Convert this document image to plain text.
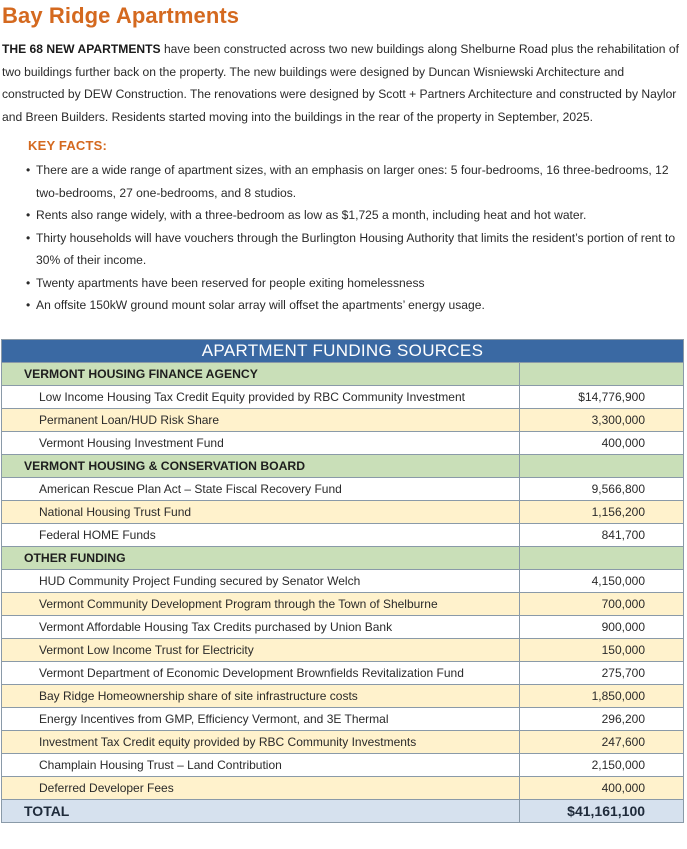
Bay Ridge Apartments
THE 68 NEW APARTMENTS have been constructed across two new buildings along Shelburne Road plus the rehabilitation of two buildings further back on the property. The new buildings were designed by Duncan Wisniewski Architecture and constructed by DEW Construction. The renovations were designed by Scott + Partners Architecture and constructed by Naylor and Breen Builders. Residents started moving into the buildings in the rear of the property in September, 2025.
KEY FACTS:
• There are a wide range of apartment sizes, with an emphasis on larger ones: 5 four-bedrooms, 16 three-bedrooms, 12 two-bedrooms, 27 one-bedrooms, and 8 studios.
• Rents also range widely, with a three-bedroom as low as $1,725 a month, including heat and hot water.
• Thirty households will have vouchers through the Burlington Housing Authority that limits the resident’s portion of rent to 30% of their income.
• Twenty apartments have been reserved for people exiting homelessness
• An offsite 150kW ground mount solar array will offset the apartments’ energy usage.
APARTMENT FUNDING SOURCES	
VERMONT HOUSING FINANCE AGENCY	
Low Income Housing Tax Credit Equity provided by RBC Community Investment	$14,776,900
Permanent Loan/HUD Risk Share	3,300,000
Vermont Housing Investment Fund	400,000
VERMONT HOUSING & CONSERVATION BOARD	
American Rescue Plan Act – State Fiscal Recovery Fund	9,566,800
National Housing Trust Fund	1,156,200
Federal HOME Funds	841,700
OTHER FUNDING	
HUD Community Project Funding secured by Senator Welch	4,150,000
Vermont Community Development Program through the Town of Shelburne	700,000
Vermont Affordable Housing Tax Credits purchased by Union Bank	900,000
Vermont Low Income Trust for Electricity	150,000
Vermont Department of Economic Development Brownfields Revitalization Fund	275,700
Bay Ridge Homeownership share of site infrastructure costs	1,850,000
Energy Incentives from GMP, Efficiency Vermont, and 3E Thermal	296,200
Investment Tax Credit equity provided by RBC Community Investments	247,600
Champlain Housing Trust – Land Contribution	2,150,000
Deferred Developer Fees	400,000
TOTAL	$41,161,100
